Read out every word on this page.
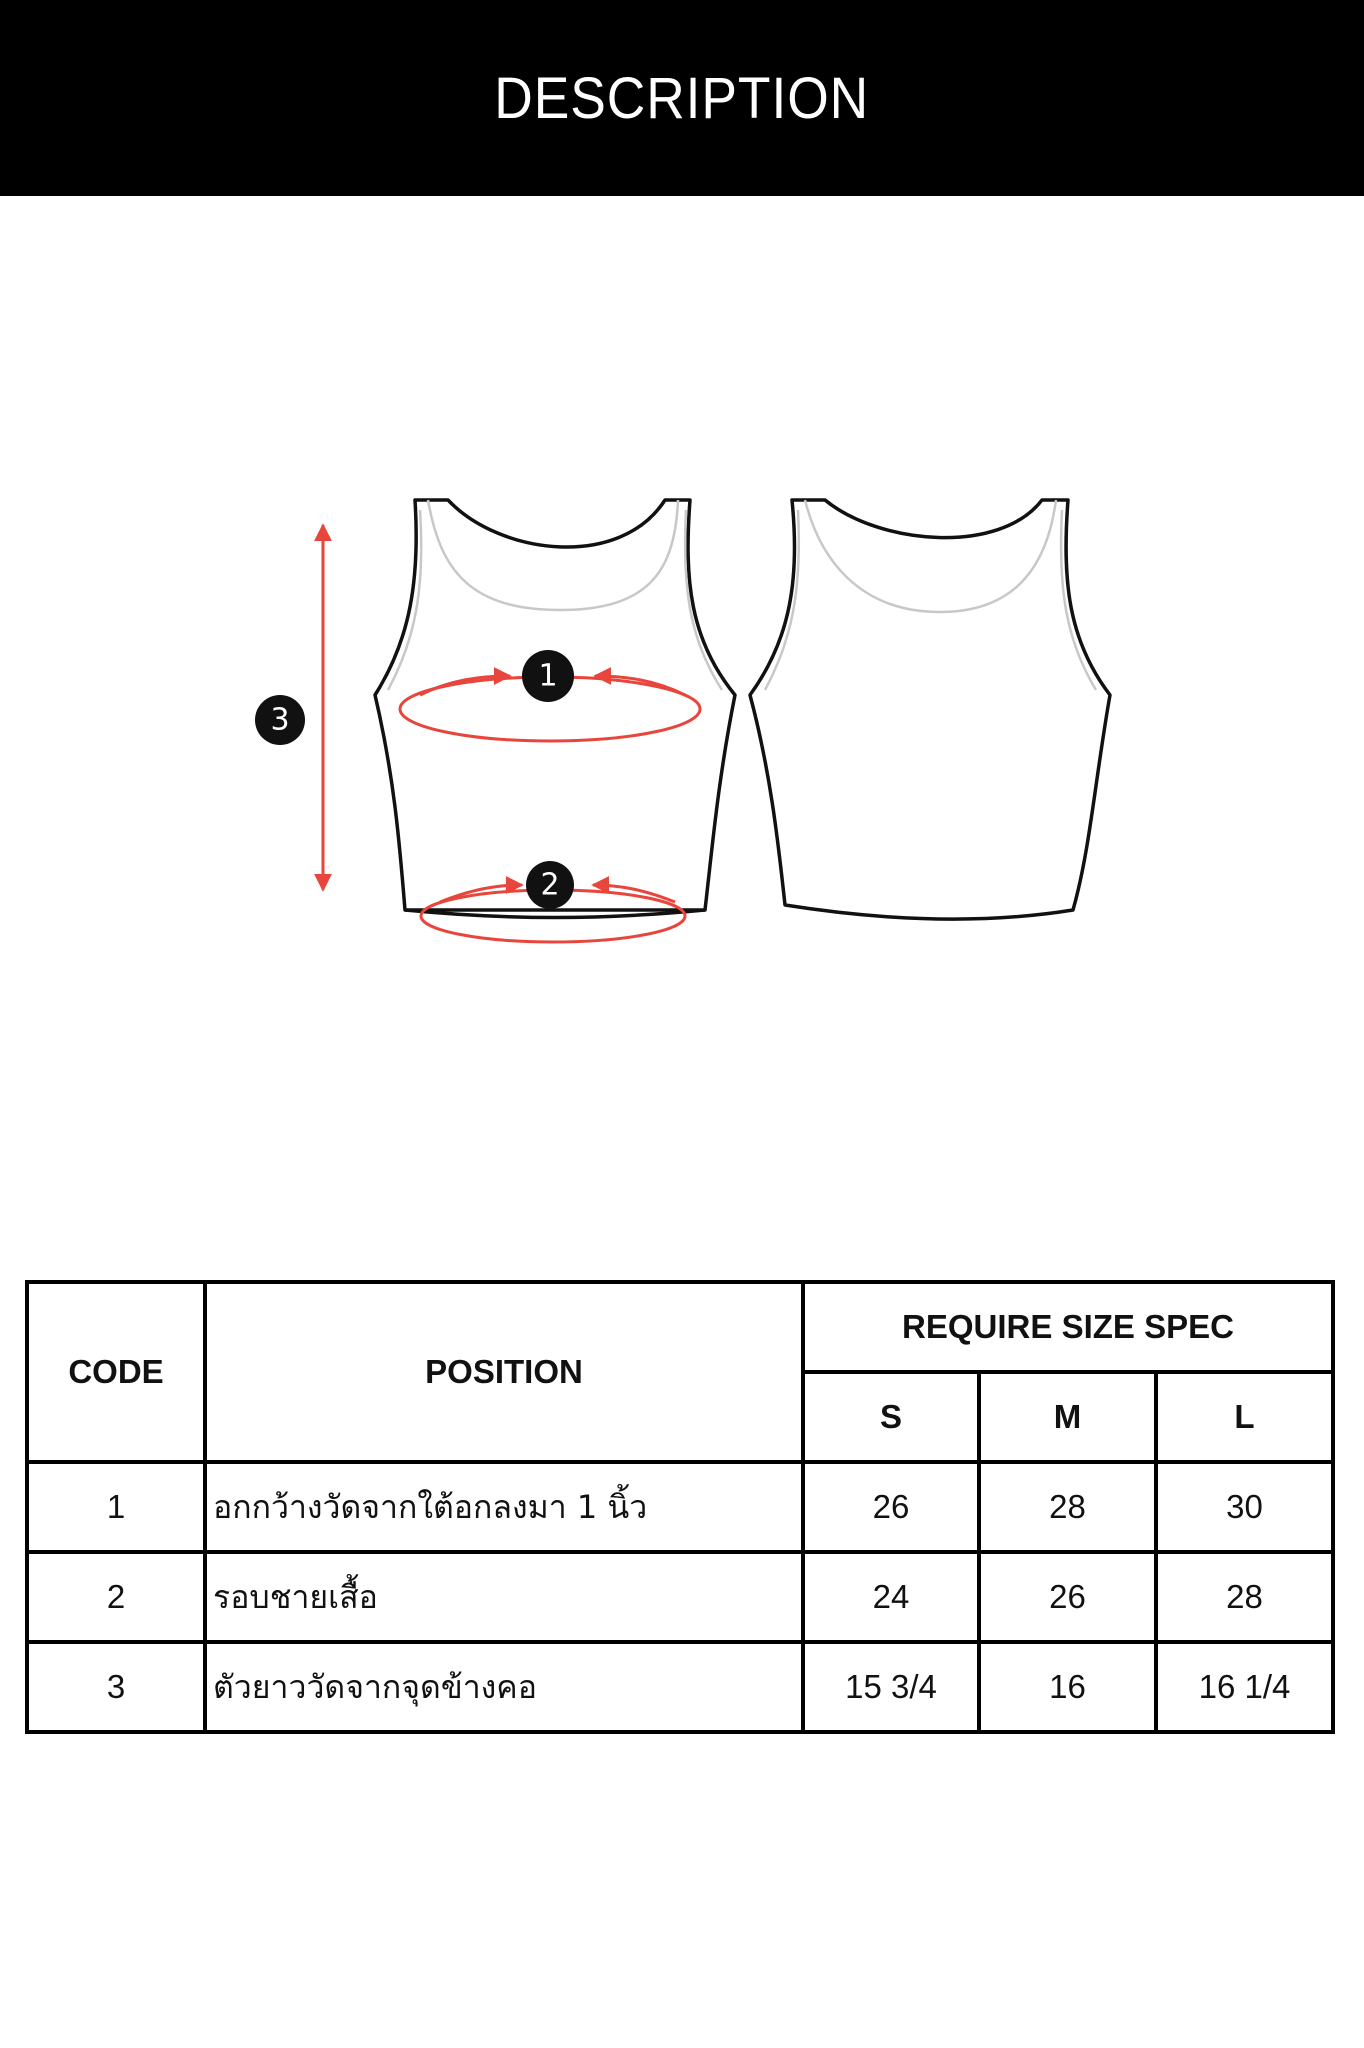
DESCRIPTION
1
2
3
CODE	POSITION	REQUIRE SIZE SPEC		
		S	M	L
1	อกกว้างวัดจากใต้อกลงมา 1 นิ้ว	26	28	30
2	รอบชายเสื้อ	24	26	28
3	ตัวยาววัดจากจุดข้างคอ	15 3/4	16	16 1/4
